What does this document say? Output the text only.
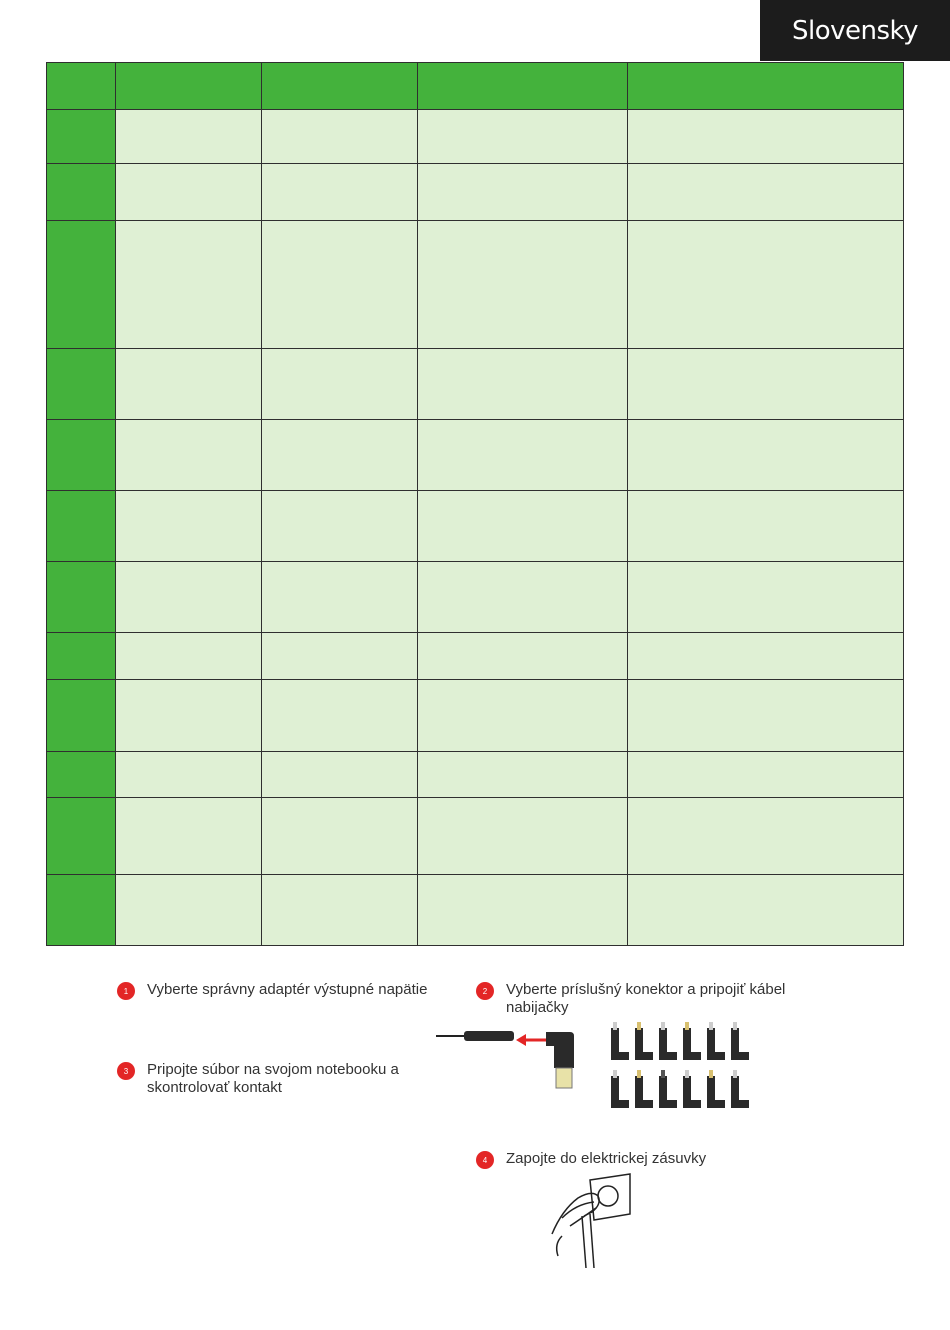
Slovensky

1	Vyberte správny adaptér výstupné napätie	2	Vyberte príslušný konektor a pripojiť kábel nabijačky
3	Pripojte súbor na svojom notebooku a skontrolovať kontakt
4	Zapojte do elektrickej zásuvky
